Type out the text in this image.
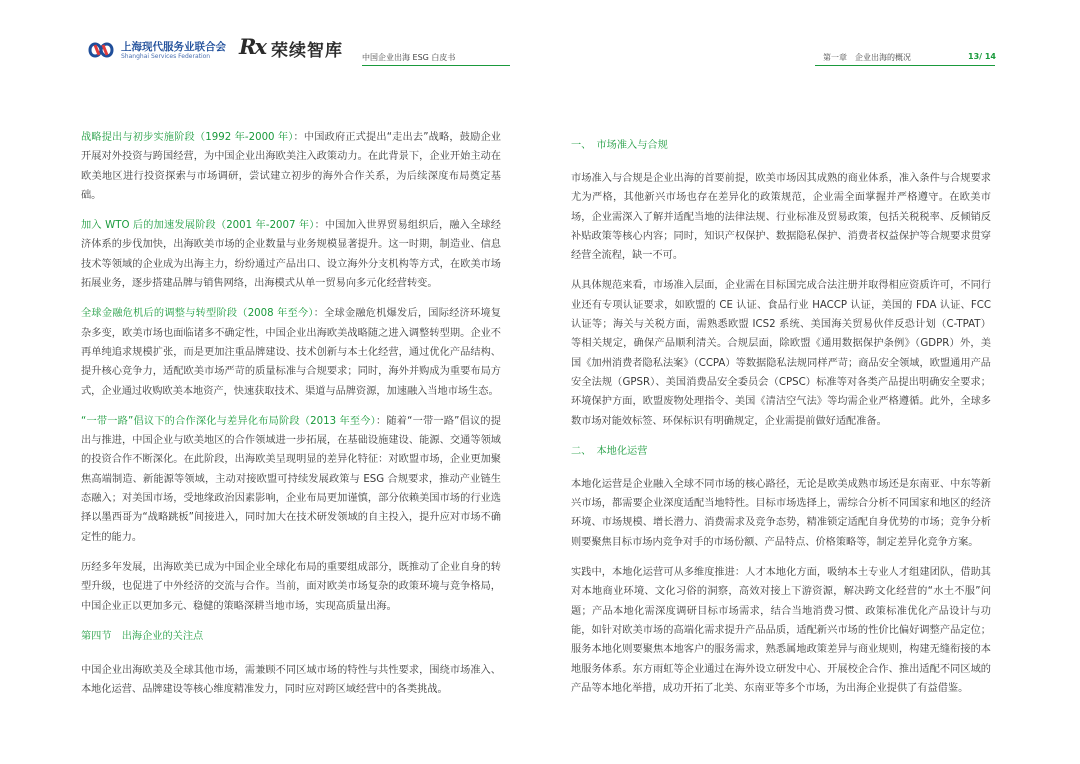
上海现代服务业联合会
Shanghai Services Federation Rx 荣续智库 中国企业出海 ESG 白皮书	第一章　企业出海的概况	13/ 14

战略提出与初步实施阶段（1992 年-2000 年）：中国政府正式提出“走出去”战略，鼓励企业开展对外投资与跨国经营，为中国企业出海欧美注入政策动力。在此背景下，企业开始主动在欧美地区进行投资探索与市场调研，尝试建立初步的海外合作关系，为后续深度布局奠定基础。

加入 WTO 后的加速发展阶段（2001 年-2007 年）：中国加入世界贸易组织后，融入全球经济体系的步伐加快，出海欧美市场的企业数量与业务规模显著提升。这一时期，制造业、信息技术等领域的企业成为出海主力，纷纷通过产品出口、设立海外分支机构等方式，在欧美市场拓展业务，逐步搭建品牌与销售网络，出海模式从单一贸易向多元化经营转变。

全球金融危机后的调整与转型阶段（2008 年至今）：全球金融危机爆发后，国际经济环境复杂多变，欧美市场也面临诸多不确定性，中国企业出海欧美战略随之进入调整转型期。企业不再单纯追求规模扩张，而是更加注重品牌建设、技术创新与本土化经营，通过优化产品结构、提升核心竞争力，适配欧美市场严苛的质量标准与合规要求；同时，海外并购成为重要布局方式，企业通过收购欧美本地资产，快速获取技术、渠道与品牌资源，加速融入当地市场生态。

“一带一路”倡议下的合作深化与差异化布局阶段（2013 年至今）：随着“一带一路”倡议的提出与推进，中国企业与欧美地区的合作领域进一步拓展，在基础设施建设、能源、交通等领域的投资合作不断深化。在此阶段，出海欧美呈现明显的差异化特征：对欧盟市场，企业更加聚焦高端制造、新能源等领域，主动对接欧盟可持续发展政策与 ESG 合规要求，推动产业链生态融入；对美国市场，受地缘政治因素影响，企业布局更加谨慎，部分依赖美国市场的行业选择以墨西哥为“战略跳板”间接进入，同时加大在技术研发领域的自主投入，提升应对市场不确定性的能力。

历经多年发展，出海欧美已成为中国企业全球化布局的重要组成部分，既推动了企业自身的转型升级，也促进了中外经济的交流与合作。当前，面对欧美市场复杂的政策环境与竞争格局，中国企业正以更加多元、稳健的策略深耕当地市场，实现高质量出海。

第四节　出海企业的关注点

中国企业出海欧美及全球其他市场，需兼顾不同区域市场的特性与共性要求，围绕市场准入、本地化运营、品牌建设等核心维度精准发力，同时应对跨区域经营中的各类挑战。

一、　市场准入与合规

市场准入与合规是企业出海的首要前提，欧美市场因其成熟的商业体系，准入条件与合规要求尤为严格，其他新兴市场也存在差异化的政策规范，企业需全面掌握并严格遵守。在欧美市场，企业需深入了解并适配当地的法律法规、行业标准及贸易政策，包括关税税率、反倾销反补贴政策等核心内容；同时，知识产权保护、数据隐私保护、消费者权益保护等合规要求贯穿经营全流程，缺一不可。

从具体规范来看，市场准入层面，企业需在目标国完成合法注册并取得相应资质许可，不同行业还有专项认证要求，如欧盟的 CE 认证、食品行业 HACCP 认证，美国的 FDA 认证、FCC 认证等；海关与关税方面，需熟悉欧盟 ICS2 系统、美国海关贸易伙伴反恐计划（C-TPAT）等相关规定，确保产品顺利清关。合规层面，除欧盟《通用数据保护条例》（GDPR）外，美国《加州消费者隐私法案》（CCPA）等数据隐私法规同样严苛；商品安全领域，欧盟通用产品安全法规（GPSR）、美国消费品安全委员会（CPSC）标准等对各类产品提出明确安全要求；环境保护方面，欧盟废物处理指令、美国《清洁空气法》等均需企业严格遵循。此外，全球多数市场对能效标签、环保标识有明确规定，企业需提前做好适配准备。

二、　本地化运营

本地化运营是企业融入全球不同市场的核心路径，无论是欧美成熟市场还是东南亚、中东等新兴市场，都需要企业深度适配当地特性。目标市场选择上，需综合分析不同国家和地区的经济环境、市场规模、增长潜力、消费需求及竞争态势，精准锁定适配自身优势的市场；竞争分析则要聚焦目标市场内竞争对手的市场份额、产品特点、价格策略等，制定差异化竞争方案。

实践中，本地化运营可从多维度推进：人才本地化方面，吸纳本土专业人才组建团队，借助其对本地商业环境、文化习俗的洞察，高效对接上下游资源，解决跨文化经营的“水土不服”问题；产品本地化需深度调研目标市场需求，结合当地消费习惯、政策标准优化产品设计与功能，如针对欧美市场的高端化需求提升产品品质，适配新兴市场的性价比偏好调整产品定位；服务本地化则要聚焦本地客户的服务需求，熟悉属地政策差异与商业规则，构建无缝衔接的本地服务体系。东方雨虹等企业通过在海外设立研发中心、开展校企合作、推出适配不同区域的产品等本地化举措，成功开拓了北美、东南亚等多个市场，为出海企业提供了有益借鉴。
